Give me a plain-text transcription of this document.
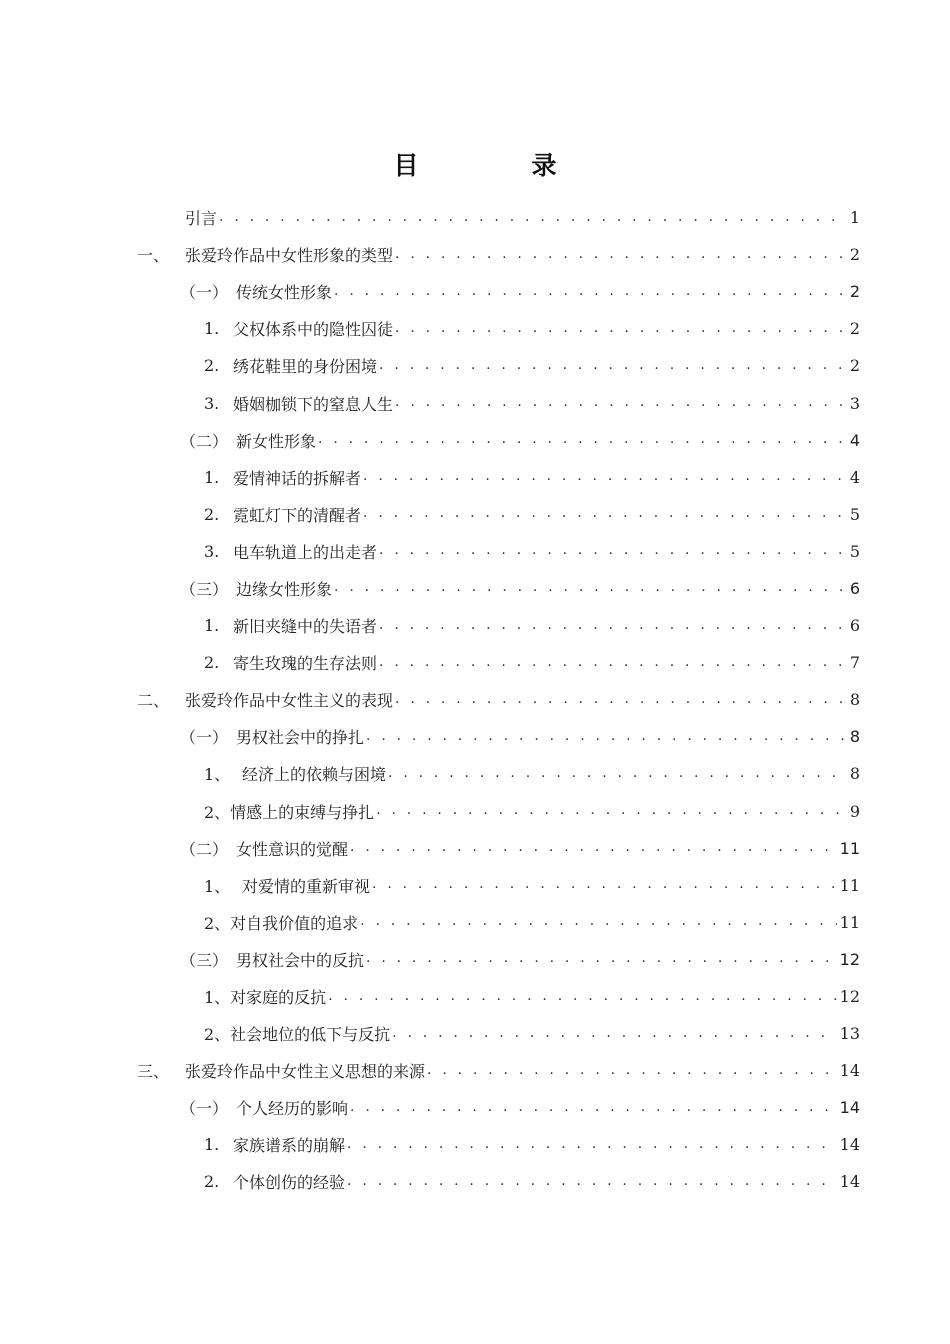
目　录
引言 . . .	1
一、 张爱玲作品中女性形象的类型 . . .	2
（一） 传统女性形象 . . .	2
1. 父权体系中的隐性囚徒 . . .	2
2. 绣花鞋里的身份困境 . . .	2
3. 婚姻枷锁下的窒息人生 . . .	3
（二） 新女性形象 . . .	4
1. 爱情神话的拆解者 . . .	4
2. 霓虹灯下的清醒者 . . .	5
3. 电车轨道上的出走者 . . .	5
（三） 边缘女性形象 . . .	6
1. 新旧夹缝中的失语者 . . .	6
2. 寄生玫瑰的生存法则 . . .	7
二、 张爱玲作品中女性主义的表现 . . .	8
（一） 男权社会中的挣扎 . . .	8
1、 经济上的依赖与困境 . . .	8
2、情感上的束缚与挣扎 . . .	9
（二） 女性意识的觉醒 . . .	11
1、 对爱情的重新审视 . . .	11
2、对自我价值的追求 . . .	11
（三） 男权社会中的反抗 . . .	12
1、对家庭的反抗 . . .	12
2、社会地位的低下与反抗 . . .	13
三、 张爱玲作品中女性主义思想的来源 . . .	14
（一） 个人经历的影响 . . .	14
1. 家族谱系的崩解 . . .	14
2. 个体创伤的经验 . . .	14
